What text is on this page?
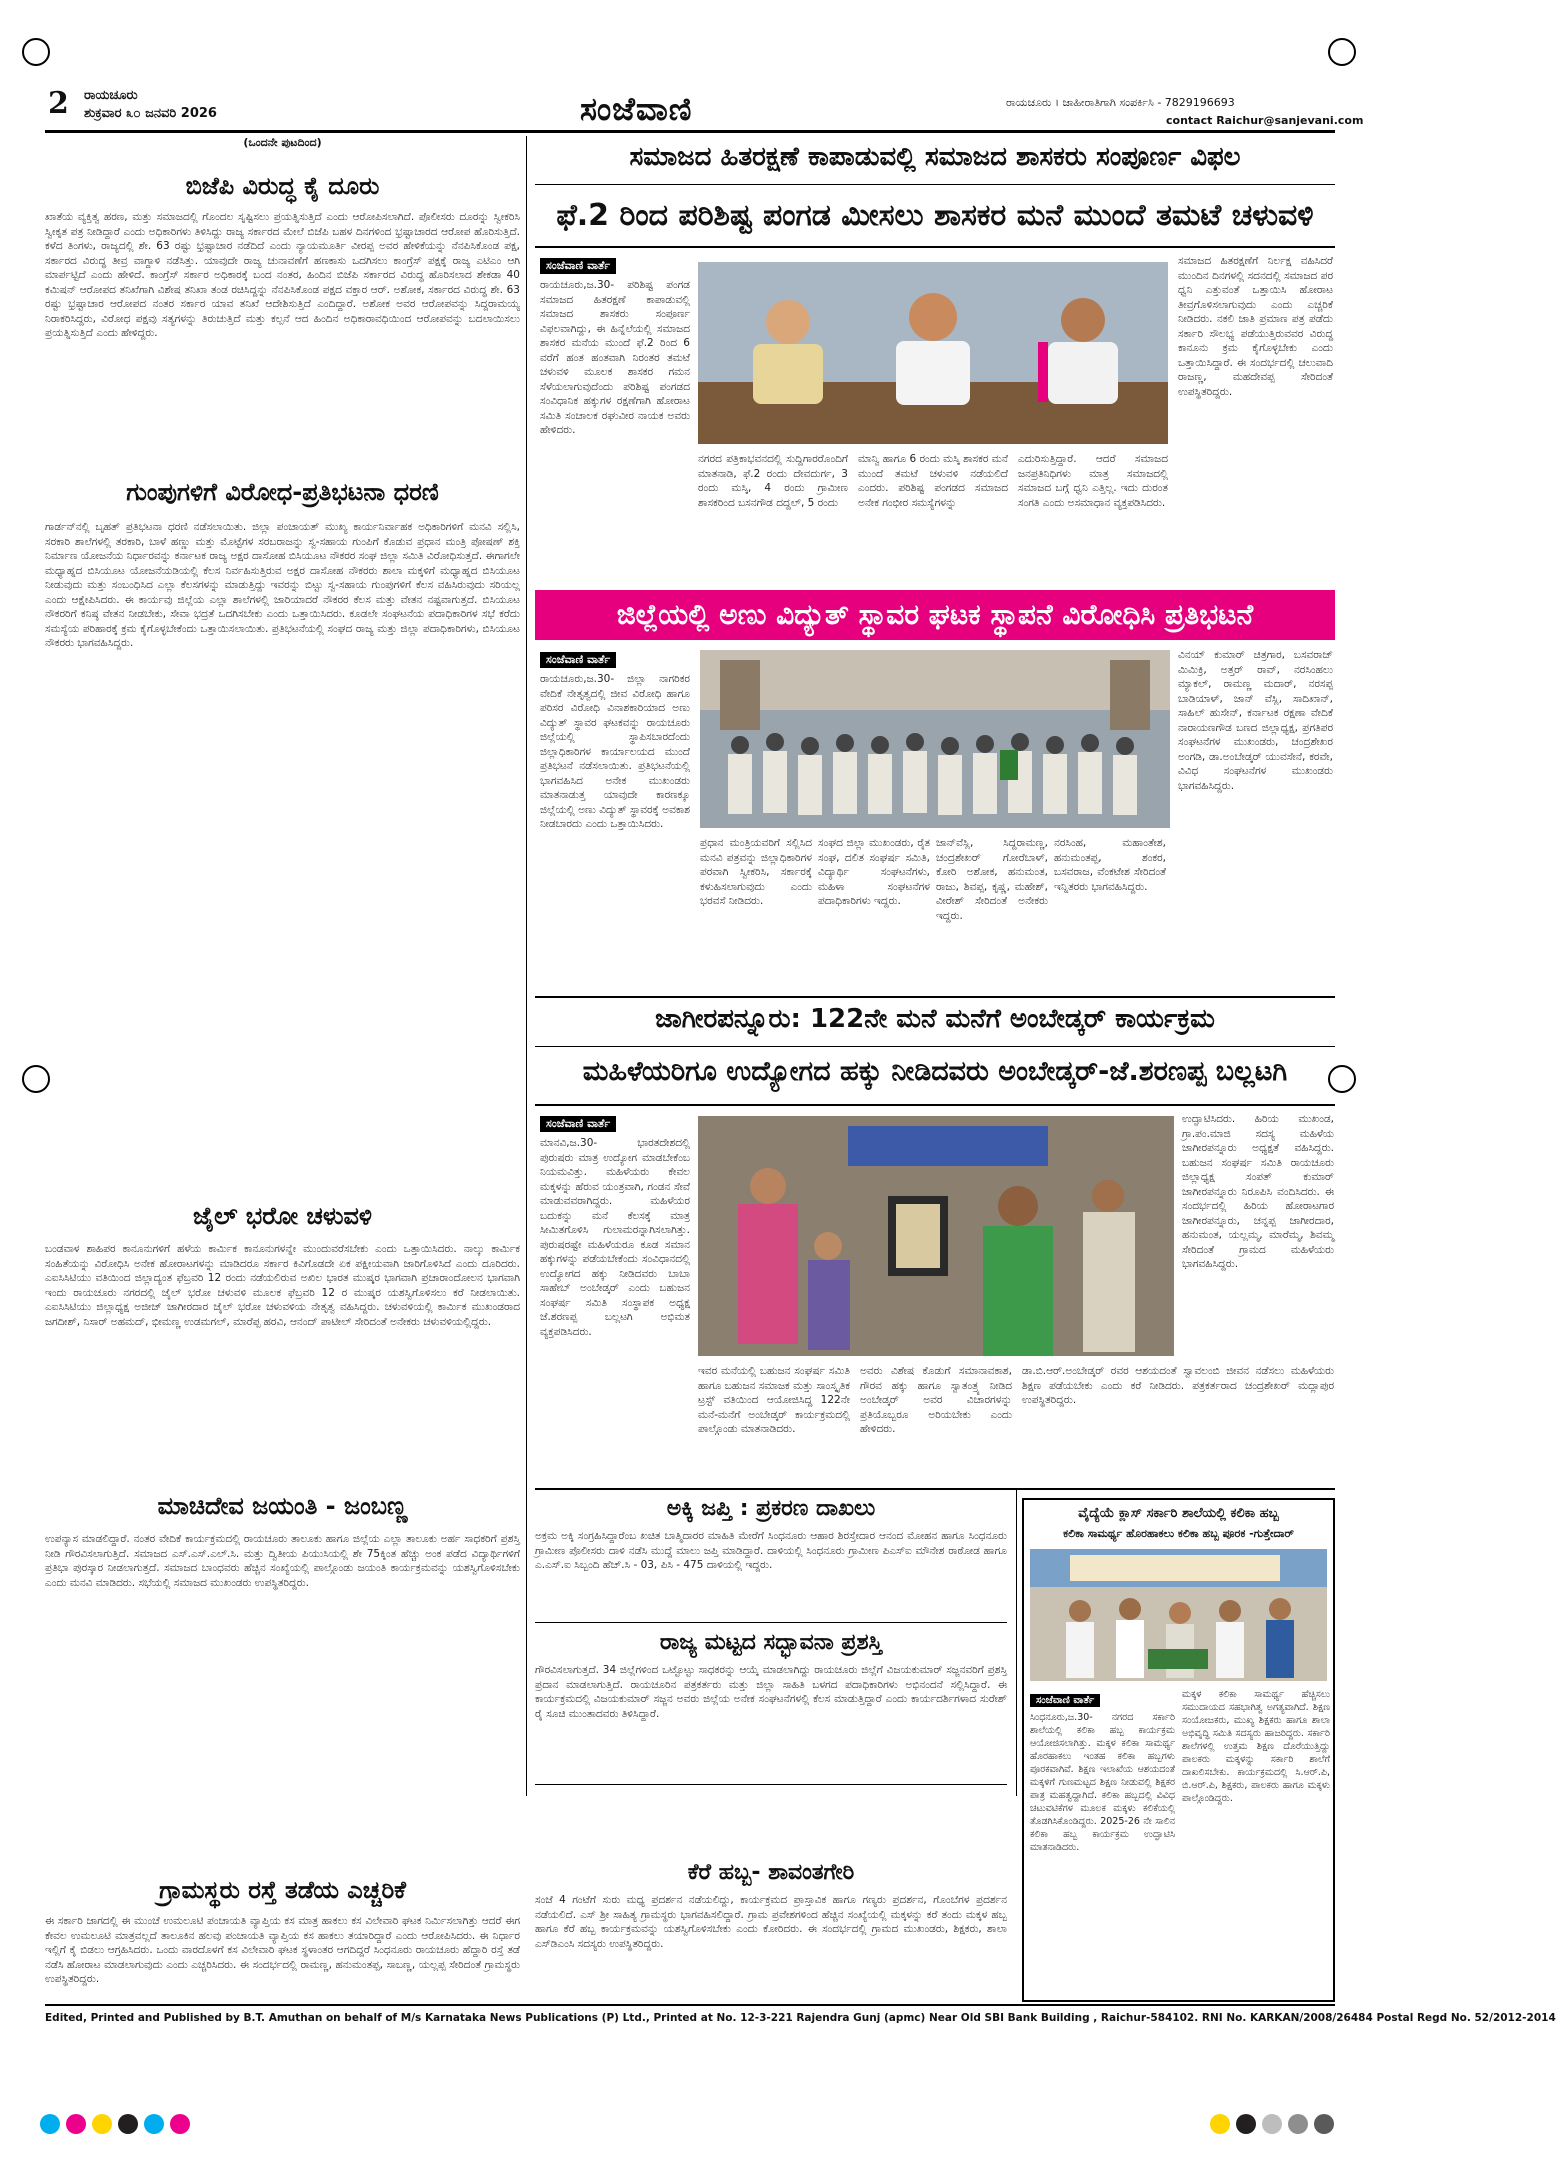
2 ರಾಯಚೂರು
ಶುಕ್ರವಾರ ೩೦ ಜನವರಿ 2026	ಸಂಜೆವಾಣಿ	ರಾಯಚೂರು । ಜಾಹೀರಾತಿಗಾಗಿ ಸಂಪರ್ಕಿಸಿ - 7829196693
contact Raichur@sanjevani.com
(ಒಂದನೇ ಪುಟದಿಂದ)
ಬಿಜೆಪಿ ವಿರುದ್ಧ ಕೈ ದೂರು
ಖಾತೆಯ ವ್ಯಕ್ತಿತ್ವ ಹರಣ, ಮತ್ತು ಸಮಾಜದಲ್ಲಿ ಗೊಂದಲ ಸೃಷ್ಟಿಸಲು ಪ್ರಯತ್ನಿಸುತ್ತಿದೆ ಎಂದು ಆರೋಪಿಸಲಾಗಿದೆ. ಪೊಲೀಸರು ದೂರನ್ನು ಸ್ವೀಕರಿಸಿ ಸ್ವೀಕೃತ ಪತ್ರ ನೀಡಿದ್ದಾರೆ ಎಂದು ಅಧಿಕಾರಿಗಳು ತಿಳಿಸಿದ್ದು ರಾಜ್ಯ ಸರ್ಕಾರದ ಮೇಲೆ ಬಿಜೆಪಿ ಬಹಳ ದಿನಗಳಿಂದ ಭ್ರಷ್ಟಾಚಾರದ ಆರೋಪ ಹೊರಿಸುತ್ತಿದೆ. ಕಳೆದ ತಿಂಗಳು, ರಾಜ್ಯದಲ್ಲಿ ಶೇ. 63 ರಷ್ಟು ಭ್ರಷ್ಟಾಚಾರ ನಡೆದಿದೆ ಎಂದು ನ್ಯಾಯಮೂರ್ತಿ ವೀರಪ್ಪ ಅವರ ಹೇಳಿಕೆಯನ್ನು ನೆನಪಿಸಿಕೊಂಡ ಪಕ್ಷ, ಸರ್ಕಾರದ ವಿರುದ್ಧ ತೀವ್ರ ವಾಗ್ದಾಳಿ ನಡೆಸಿತ್ತು. ಯಾವುದೇ ರಾಜ್ಯ ಚುನಾವಣೆಗೆ ಹಣಕಾಸು ಒದಗಿಸಲು ಕಾಂಗ್ರೆಸ್ ಪಕ್ಷಕ್ಕೆ ರಾಜ್ಯ ಎಟಿಎಂ ಆಗಿ ಮಾರ್ಪಟ್ಟಿದೆ ಎಂದು ಹೇಳಿದೆ. ಕಾಂಗ್ರೆಸ್ ಸರ್ಕಾರ ಅಧಿಕಾರಕ್ಕೆ ಬಂದ ನಂತರ, ಹಿಂದಿನ ಬಿಜೆಪಿ ಸರ್ಕಾರದ ವಿರುದ್ಧ ಹೊರಿಸಲಾದ ಶೇಕಡಾ 40 ಕಮಿಷನ್ ಆರೋಪದ ತನಿಖೆಗಾಗಿ ವಿಶೇಷ ತನಿಖಾ ತಂಡ ರಚಿಸಿದ್ದನ್ನು ನೆನಪಿಸಿಕೊಂಡ ಪಕ್ಷದ ವಕ್ತಾರ ಆರ್. ಅಶೋಕ, ಸರ್ಕಾರದ ವಿರುದ್ಧ ಶೇ. 63 ರಷ್ಟು ಭ್ರಷ್ಟಾಚಾರ ಆರೋಪದ ನಂತರ ಸರ್ಕಾರ ಯಾವ ತನಿಖೆ ಆದೇಶಿಸುತ್ತಿದೆ ಎಂದಿದ್ದಾರೆ. ಅಶೋಕ ಅವರ ಆರೋಪವನ್ನು ಸಿದ್ದರಾಮಯ್ಯ ನಿರಾಕರಿಸಿದ್ದರು, ವಿರೋಧ ಪಕ್ಷವು ಸತ್ಯಗಳನ್ನು ತಿರುಚುತ್ತಿದೆ ಮತ್ತು ಕಲ್ಪನೆ ಆದ ಹಿಂದಿನ ಅಧಿಕಾರಾವಧಿಯಿಂದ ಆರೋಪವನ್ನು ಬದಲಾಯಿಸಲು ಪ್ರಯತ್ನಿಸುತ್ತಿದೆ ಎಂದು ಹೇಳಿದ್ದರು.
ಗುಂಪುಗಳಿಗೆ ವಿರೋಧ-ಪ್ರತಿಭಟನಾ ಧರಣಿ
ಗಾರ್ಡನ್‌ನಲ್ಲಿ ಬೃಹತ್ ಪ್ರತಿಭಟನಾ ಧರಣಿ ನಡೆಸಲಾಯಿತು. ಜಿಲ್ಲಾ ಪಂಚಾಯತ್ ಮುಖ್ಯ ಕಾರ್ಯನಿರ್ವಾಹಕ ಅಧಿಕಾರಿಗಳಿಗೆ ಮನವಿ ಸಲ್ಲಿಸಿ, ಸರಕಾರಿ ಶಾಲೆಗಳಲ್ಲಿ ತರಕಾರಿ, ಬಾಳೆ ಹಣ್ಣು ಮತ್ತು ಮೊಟ್ಟೆಗಳ ಸರಬರಾಜನ್ನು ಸ್ವ-ಸಹಾಯ ಗುಂಪಿಗೆ ಕೊಡುವ ಪ್ರಧಾನ ಮಂತ್ರಿ ಪೋಷಣ್ ಶಕ್ತಿ ನಿರ್ಮಾಣ ಯೋಜನೆಯ ನಿರ್ಧಾರವನ್ನು ಕರ್ನಾಟಕ ರಾಜ್ಯ ಅಕ್ಷರ ದಾಸೋಹ ಬಿಸಿಯೂಟ ನೌಕರರ ಸಂಘ ಜಿಲ್ಲಾ ಸಮಿತಿ ವಿರೋಧಿಸುತ್ತದೆ. ಈಗಾಗಲೇ ಮಧ್ಯಾಹ್ನದ ಬಿಸಿಯೂಟ ಯೋಜನೆಯಡಿಯಲ್ಲಿ ಕೆಲಸ ನಿರ್ವಹಿಸುತ್ತಿರುವ ಅಕ್ಷರ ದಾಸೋಹ ನೌಕರರು ಶಾಲಾ ಮಕ್ಕಳಿಗೆ ಮಧ್ಯಾಹ್ನದ ಬಿಸಿಯೂಟ ನೀಡುವುದು ಮತ್ತು ಸಂಬಂಧಿಸಿದ ಎಲ್ಲಾ ಕೆಲಸಗಳನ್ನು ಮಾಡುತ್ತಿದ್ದು ಇವರನ್ನು ಬಿಟ್ಟು ಸ್ವ-ಸಹಾಯ ಗುಂಪುಗಳಿಗೆ ಕೆಲಸ ವಹಿಸಿರುವುದು ಸರಿಯಲ್ಲ ಎಂದು ಆಕ್ಷೇಪಿಸಿದರು. ಈ ಕಾರ್ಯವು ಜಿಲ್ಲೆಯ ಎಲ್ಲಾ ಶಾಲೆಗಳಲ್ಲಿ ಜಾರಿಯಾದರೆ ನೌಕರರ ಕೆಲಸ ಮತ್ತು ವೇತನ ನಷ್ಟವಾಗುತ್ತದೆ. ಬಿಸಿಯೂಟ ನೌಕರರಿಗೆ ಕನಿಷ್ಠ ವೇತನ ನೀಡಬೇಕು, ಸೇವಾ ಭದ್ರತೆ ಒದಗಿಸಬೇಕು ಎಂದು ಒತ್ತಾಯಿಸಿದರು. ಕೂಡಲೇ ಸಂಘಟನೆಯ ಪದಾಧಿಕಾರಿಗಳ ಸಭೆ ಕರೆದು ಸಮಸ್ಯೆಯ ಪರಿಹಾರಕ್ಕೆ ಕ್ರಮ ಕೈಗೊಳ್ಳಬೇಕೆಂದು ಒತ್ತಾಯಿಸಲಾಯಿತು. ಪ್ರತಿಭಟನೆಯಲ್ಲಿ ಸಂಘದ ರಾಜ್ಯ ಮತ್ತು ಜಿಲ್ಲಾ ಪದಾಧಿಕಾರಿಗಳು, ಬಿಸಿಯೂಟ ನೌಕರರು ಭಾಗವಹಿಸಿದ್ದರು.
ಜೈಲ್ ಭರೋ ಚಳುವಳಿ
ಬಂಡವಾಳ ಶಾಹಿಪರ ಕಾನೂನುಗಳಿಗೆ ಹಳೆಯ ಕಾರ್ಮಿಕ ಕಾನೂನುಗಳನ್ನೇ ಮುಂದುವರೆಸಬೇಕು ಎಂದು ಒತ್ತಾಯಿಸಿದರು. ನಾಲ್ಕು ಕಾರ್ಮಿಕ ಸಂಹಿತೆಯನ್ನು ವಿರೋಧಿಸಿ ಅನೇಕ ಹೋರಾಟಗಳನ್ನು ಮಾಡಿದರೂ ಸರ್ಕಾರ ಕಿವಿಗೊಡದೇ ಏಕ ಪಕ್ಷೀಯವಾಗಿ ಜಾರಿಗೊಳಿಸಿದೆ ಎಂದು ದೂರಿದರು. ಎಐಸಿಸಿಟಿಯು ವತಿಯಿಂದ ಜಿಲ್ಲಾದ್ಯಂತ ಫೆಬ್ರವರಿ 12 ರಂದು ನಡೆಯಲಿರುವ ಅಖಿಲ ಭಾರತ ಮುಷ್ಕರ ಭಾಗವಾಗಿ ಪ್ರಚಾರಾಂದೋಲನ ಭಾಗವಾಗಿ ಇಂದು ರಾಯಚೂರು ನಗರದಲ್ಲಿ ಜೈಲ್ ಭರೋ ಚಳುವಳಿ ಮೂಲಕ ಫೆಬ್ರವರಿ 12 ರ ಮುಷ್ಕರ ಯಶಸ್ವಿಗೊಳಿಸಲು ಕರೆ ನೀಡಲಾಯಿತು. ಎಐಸಿಸಿಟಿಯು ಜಿಲ್ಲಾಧ್ಯಕ್ಷ ಅಜೀಜ್ ಜಾಗೀರದಾರ ಜೈಲ್ ಭರೋ ಚಳುವಳಿಯ ನೇತೃತ್ವ ವಹಿಸಿದ್ದರು. ಚಳುವಳಿಯಲ್ಲಿ ಕಾರ್ಮಿಕ ಮುಖಂಡರಾದ ಜಗದೀಶ್, ನಿಸಾರ್ ಅಹಮದ್, ಭೀಮಣ್ಣ ಉಡಮಗಲ್, ಮಾರೆಪ್ಪ ಹರವಿ, ಆನಂದ್ ಪಾಟೀಲ್ ಸೇರಿದಂತೆ ಅನೇಕರು ಚಳುವಳಿಯಲ್ಲಿದ್ದರು.
ಮಾಚಿದೇವ ಜಯಂತಿ - ಜಂಬಣ್ಣ
ಉಪನ್ಯಾಸ ಮಾಡಲಿದ್ದಾರೆ. ನಂತರ ವೇದಿಕೆ ಕಾರ್ಯಕ್ರಮದಲ್ಲಿ ರಾಯಚೂರು ತಾಲೂಕು ಹಾಗೂ ಜಿಲ್ಲೆಯ ಎಲ್ಲಾ ತಾಲೂಕು ಅರ್ಹ ಸಾಧಕರಿಗೆ ಪ್ರಶಸ್ತಿ ನೀಡಿ ಗೌರವಿಸಲಾಗುತ್ತಿದೆ. ಸಮಾಜದ ಎಸ್.ಎಸ್.ಎಲ್.ಸಿ. ಮತ್ತು ದ್ವಿತೀಯ ಪಿಯುಸಿಯಲ್ಲಿ ಶೇ 75ಕ್ಕಿಂತ ಹೆಚ್ಚು ಅಂಕ ಪಡೆದ ವಿದ್ಯಾರ್ಥಿಗಳಿಗೆ ಪ್ರತಿಭಾ ಪುರಸ್ಕಾರ ನೀಡಲಾಗುತ್ತದೆ. ಸಮಾಜದ ಬಾಂಧವರು ಹೆಚ್ಚಿನ ಸಂಖ್ಯೆಯಲ್ಲಿ ಪಾಲ್ಗೊಂಡು ಜಯಂತಿ ಕಾರ್ಯಕ್ರಮವನ್ನು ಯಶಸ್ವಿಗೊಳಿಸಬೇಕು ಎಂದು ಮನವಿ ಮಾಡಿದರು. ಸಭೆಯಲ್ಲಿ ಸಮಾಜದ ಮುಖಂಡರು ಉಪಸ್ಥಿತರಿದ್ದರು.
ಗ್ರಾಮಸ್ಥರು ರಸ್ತೆ ತಡೆಯ ಎಚ್ಚರಿಕೆ
ಈ ಸರ್ಕಾರಿ ಜಾಗದಲ್ಲಿ ಈ ಮುಂಚೆ ಉಮಲೂಟಿ ಪಂಚಾಯತಿ ವ್ಯಾಪ್ತಿಯ ಕಸ ಮಾತ್ರ ಹಾಕಲು ಕಸ ವಿಲೇವಾರಿ ಘಟಕ ನಿರ್ಮಿಸಲಾಗಿತ್ತು ಆದರೆ ಈಗ ಕೇವಲ ಉಮಲೂಟಿ ಮಾತ್ರವಲ್ಲದೆ ತಾಲೂಕಿನ ಹಲವು ಪಂಚಾಯತಿ ವ್ಯಾಪ್ತಿಯ ಕಸ ಹಾಕಲು ತಯಾರಿದ್ದಾರೆ ಎಂದು ಆರೋಪಿಸಿದರು. ಈ ನಿರ್ಧಾರ ಇಲ್ಲಿಗೆ ಕೈ ಬಿಡಲು ಆಗ್ರಹಿಸಿದರು. ಒಂದು ವಾರದೊಳಗೆ ಕಸ ವಿಲೇವಾರಿ ಘಟಕ ಸ್ಥಳಾಂತರ ಆಗದಿದ್ದರೆ ಸಿಂಧನೂರು ರಾಯಚೂರು ಹೆದ್ದಾರಿ ರಸ್ತೆ ತಡೆ ನಡೆಸಿ ಹೋರಾಟ ಮಾಡಲಾಗುವುದು ಎಂದು ಎಚ್ಚರಿಸಿದರು. ಈ ಸಂದರ್ಭದಲ್ಲಿ ರಾಮಣ್ಣ, ಹನುಮಂತಪ್ಪ, ಸಾಬಣ್ಣ, ಯಲ್ಲಪ್ಪ ಸೇರಿದಂತೆ ಗ್ರಾಮಸ್ಥರು ಉಪಸ್ಥಿತರಿದ್ದರು.
ಸಮಾಜದ ಹಿತರಕ್ಷಣೆ ಕಾಪಾಡುವಲ್ಲಿ ಸಮಾಜದ ಶಾಸಕರು ಸಂಪೂರ್ಣ ವಿಫಲ
ಫೆ.2 ರಿಂದ ಪರಿಶಿಷ್ಟ ಪಂಗಡ ಮೀಸಲು ಶಾಸಕರ ಮನೆ ಮುಂದೆ ತಮಟೆ ಚಳುವಳಿ
ಸಂಜೆವಾಣಿ ವಾರ್ತೆ
ರಾಯಚೂರು,ಜ.30- ಪರಿಶಿಷ್ಟ ಪಂಗಡ ಸಮಾಜದ ಹಿತರಕ್ಷಣೆ ಕಾಪಾಡುವಲ್ಲಿ ಸಮಾಜದ ಶಾಸಕರು ಸಂಪೂರ್ಣ ವಿಫಲವಾಗಿದ್ದು, ಈ ಹಿನ್ನೆಲೆಯಲ್ಲಿ ಸಮಾಜದ ಶಾಸಕರ ಮನೆಯ ಮುಂದೆ ಫೆ.2 ರಿಂದ 6 ವರೆಗೆ ಹಂತ ಹಂತವಾಗಿ ನಿರಂತರ ತಮಟೆ ಚಳುವಳಿ ಮೂಲಕ ಶಾಸಕರ ಗಮನ ಸೆಳೆಯಲಾಗುವುದೆಂದು ಪರಿಶಿಷ್ಟ ಪಂಗಡದ ಸಂವಿಧಾನಿಕ ಹಕ್ಕುಗಳ ರಕ್ಷಣೆಗಾಗಿ ಹೋರಾಟ ಸಮಿತಿ ಸಂಚಾಲಕ ರಘುವೀರ ನಾಯಕ ಅವರು ಹೇಳಿದರು.
ಸಮಾಜದ ಹಿತರಕ್ಷಣೆಗೆ ನಿರ್ಲಕ್ಷ ವಹಿಸಿದರೆ ಮುಂದಿನ ದಿನಗಳಲ್ಲಿ ಸದನದಲ್ಲಿ ಸಮಾಜದ ಪರ ಧ್ವನಿ ಎತ್ತುವಂತೆ ಒತ್ತಾಯಿಸಿ ಹೋರಾಟ ತೀವ್ರಗೊಳಿಸಲಾಗುವುದು ಎಂದು ಎಚ್ಚರಿಕೆ ನೀಡಿದರು. ನಕಲಿ ಜಾತಿ ಪ್ರಮಾಣ ಪತ್ರ ಪಡೆದು ಸರ್ಕಾರಿ ಸೌಲಭ್ಯ ಪಡೆಯುತ್ತಿರುವವರ ವಿರುದ್ಧ ಕಾನೂನು ಕ್ರಮ ಕೈಗೊಳ್ಳಬೇಕು ಎಂದು ಒತ್ತಾಯಿಸಿದ್ದಾರೆ. ಈ ಸಂದರ್ಭದಲ್ಲಿ ಚಲುವಾದಿ ರಾಜಣ್ಣ, ಮಹದೇವಪ್ಪ ಸೇರಿದಂತೆ ಉಪಸ್ಥಿತರಿದ್ದರು.
ನಗರದ ಪತ್ರಿಕಾಭವನದಲ್ಲಿ ಸುದ್ದಿಗಾರರೊಂದಿಗೆ ಮಾತನಾಡಿ, ಫೆ.2 ರಂದು ದೇವದುರ್ಗ, 3 ರಂದು ಮಸ್ಕಿ, 4 ರಂದು ಗ್ರಾಮೀಣ ಶಾಸಕರಿಂದ ಬಸನಗೌಡ ದದ್ದಲ್, 5 ರಂದು
ಮಾನ್ವಿ ಹಾಗೂ 6 ರಂದು ಮಸ್ಕಿ ಶಾಸಕರ ಮನೆ ಮುಂದೆ ತಮಟೆ ಚಳುವಳಿ ನಡೆಯಲಿದೆ ಎಂದರು. ಪರಿಶಿಷ್ಟ ಪಂಗಡದ ಸಮಾಜದ ಅನೇಕ ಗಂಭೀರ ಸಮಸ್ಯೆಗಳನ್ನು
ಎದುರಿಸುತ್ತಿದ್ದಾರೆ. ಆದರೆ ಸಮಾಜದ ಜನಪ್ರತಿನಿಧಿಗಳು ಮಾತ್ರ ಸಮಾಜದಲ್ಲಿ ಸಮಾಜದ ಬಗ್ಗೆ ಧ್ವನಿ ಎತ್ತಿಲ್ಲ. ಇದು ದುರಂತ ಸಂಗತಿ ಎಂದು ಅಸಮಾಧಾನ ವ್ಯಕ್ತಪಡಿಸಿದರು.
ಜಿಲ್ಲೆಯಲ್ಲಿ ಅಣು ವಿದ್ಯುತ್ ಸ್ಥಾವರ ಘಟಕ ಸ್ಥಾಪನೆ ವಿರೋಧಿಸಿ ಪ್ರತಿಭಟನೆ
ಸಂಜೆವಾಣಿ ವಾರ್ತೆ
ರಾಯಚೂರು,ಜ.30- ಜಿಲ್ಲಾ ನಾಗರಿಕರ ವೇದಿಕೆ ನೇತೃತ್ವದಲ್ಲಿ ಜೀವ ವಿರೋಧಿ ಹಾಗೂ ಪರಿಸರ ವಿರೋಧಿ ವಿನಾಶಕಾರಿಯಾದ ಅಣು ವಿದ್ಯುತ್ ಸ್ಥಾವರ ಘಟಕವನ್ನು ರಾಯಚೂರು ಜಿಲ್ಲೆಯಲ್ಲಿ ಸ್ಥಾಪಿಸಬಾರದೆಂದು ಜಿಲ್ಲಾಧಿಕಾರಿಗಳ ಕಾರ್ಯಾಲಯದ ಮುಂದೆ ಪ್ರತಿಭಟನೆ ನಡೆಸಲಾಯಿತು. ಪ್ರತಿಭಟನೆಯಲ್ಲಿ ಭಾಗವಹಿಸಿದ ಅನೇಕ ಮುಖಂಡರು ಮಾತನಾಡುತ್ತ ಯಾವುದೇ ಕಾರಣಕ್ಕೂ ಜಿಲ್ಲೆಯಲ್ಲಿ ಅಣು ವಿದ್ಯುತ್ ಸ್ಥಾವರಕ್ಕೆ ಅವಕಾಶ ನೀಡಬಾರದು ಎಂದು ಒತ್ತಾಯಿಸಿದರು.
ವಿನಯ್ ಕುಮಾರ್ ಚಿತ್ರಗಾರ, ಬಸವರಾಜ್ ಮಿಮಿಕ್ರಿ, ಅತ್ತರ್ ರಾವ್, ನರಸಿಂಹಲು ಮ್ಯಾಕಲ್, ರಾಮಣ್ಣ ಮದಾರ್, ನರಸಪ್ಪ ಬಾಡಿಯಾಳ್, ಜಾನ್ ವೆಸ್ಲಿ, ಸಾದಿಖಾನ್, ಸಾಹಿಲ್ ಹುಸೇನ್, ಕರ್ನಾಟಕ ರಕ್ಷಣಾ ವೇದಿಕೆ ನಾರಾಯಣಗೌಡ ಬಣದ ಜಿಲ್ಲಾಧ್ಯಕ್ಷ, ಪ್ರಗತಿಪರ ಸಂಘಟನೆಗಳ ಮುಖಂಡರು, ಚಂದ್ರಶೇಖರ ಅಂಗಡಿ, ಡಾ.ಅಂಬೇಡ್ಕರ್ ಯುವಸೇನೆ, ಕರವೇ, ವಿವಿಧ ಸಂಘಟನೆಗಳ ಮುಖಂಡರು ಭಾಗವಹಿಸಿದ್ದರು.
ಪ್ರಧಾನ ಮಂತ್ರಿಯವರಿಗೆ ಸಲ್ಲಿಸಿದ ಮನವಿ ಪತ್ರವನ್ನು ಜಿಲ್ಲಾಧಿಕಾರಿಗಳ ಪರವಾಗಿ ಸ್ವೀಕರಿಸಿ, ಸರ್ಕಾರಕ್ಕೆ ಕಳುಹಿಸಲಾಗುವುದು ಎಂದು ಭರವಸೆ ನೀಡಿದರು.
ಸಂಘದ ಜಿಲ್ಲಾ ಮುಖಂಡರು, ರೈತ ಸಂಘ, ದಲಿತ ಸಂಘರ್ಷ ಸಮಿತಿ, ವಿದ್ಯಾರ್ಥಿ ಸಂಘಟನೆಗಳು, ಮಹಿಳಾ ಸಂಘಟನೆಗಳ ಪದಾಧಿಕಾರಿಗಳು ಇದ್ದರು.
ಜಾನ್‌ವೆಸ್ಲಿ, ಸಿದ್ದರಾಮಣ್ಣ, ಚಂದ್ರಶೇಖರ್ ಗೋರೆಬಾಳ್, ಕೋರಿ ಅಶೋಕ, ಹನುಮಂತ, ರಾಜು, ಶಿವಪ್ಪ, ಕೃಷ್ಣ, ಮಹೇಶ್, ವೀರೇಶ್ ಸೇರಿದಂತೆ ಅನೇಕರು ಇದ್ದರು.
ನರಸಿಂಹ, ಮಹಾಂತೇಶ, ಹನುಮಂತಪ್ಪ, ಶಂಕರ, ಬಸವರಾಜ, ವೆಂಕಟೇಶ ಸೇರಿದಂತೆ ಇನ್ನಿತರರು ಭಾಗವಹಿಸಿದ್ದರು.
ಜಾಗೀರಪನ್ನೂರು: 122ನೇ ಮನೆ ಮನೆಗೆ ಅಂಬೇಡ್ಕರ್ ಕಾರ್ಯಕ್ರಮ
ಮಹಿಳೆಯರಿಗೂ ಉದ್ಯೋಗದ ಹಕ್ಕು ನೀಡಿದವರು ಅಂಬೇಡ್ಕರ್-ಜೆ.ಶರಣಪ್ಪ ಬಲ್ಲಟಗಿ
ಸಂಜೆವಾಣಿ ವಾರ್ತೆ
ಮಾನವಿ,ಜ.30- ಭಾರತದೇಶದಲ್ಲಿ ಪುರುಷರು ಮಾತ್ರ ಉದ್ಯೋಗ ಮಾಡಬೇಕೆಂಬ ನಿಯಮವಿತ್ತು. ಮಹಿಳೆಯರು ಕೇವಲ ಮಕ್ಕಳನ್ನು ಹೆರುವ ಯಂತ್ರವಾಗಿ, ಗಂಡನ ಸೇವೆ ಮಾಡುವವರಾಗಿದ್ದರು. ಮಹಿಳೆಯರ ಬದುಕನ್ನು ಮನೆ ಕೆಲಸಕ್ಕೆ ಮಾತ್ರ ಸೀಮಿತಗೊಳಿಸಿ ಗುಲಾಮರನ್ನಾಗಿಸಲಾಗಿತ್ತು. ಪುರುಷರಷ್ಟೇ ಮಹಿಳೆಯರೂ ಕೂಡ ಸಮಾನ ಹಕ್ಕುಗಳನ್ನು ಪಡೆಯಬೇಕೆಂದು ಸಂವಿಧಾನದಲ್ಲಿ ಉದ್ಯೋಗದ ಹಕ್ಕು ನೀಡಿದವರು ಬಾಬಾ ಸಾಹೇಬ್ ಅಂಬೇಡ್ಕರ್ ಎಂದು ಬಹುಜನ ಸಂಘರ್ಷ ಸಮಿತಿ ಸಂಸ್ಥಾಪಕ ಅಧ್ಯಕ್ಷ ಜೆ.ಶರಣಪ್ಪ ಬಲ್ಲಟಗಿ ಅಭಿಮತ ವ್ಯಕ್ತಪಡಿಸಿದರು.
ಉದ್ಘಾಟಿಸಿದರು. ಹಿರಿಯ ಮುಖಂಡ, ಗ್ರಾ.ಪಂ.ಮಾಜಿ ಸದಸ್ಯ ಮಹಿಳೆಯ ಜಾಗೀರಪನ್ನೂರು ಅಧ್ಯಕ್ಷತೆ ವಹಿಸಿದ್ದರು. ಬಹುಜನ ಸಂಘರ್ಷ ಸಮಿತಿ ರಾಯಚೂರು ಜಿಲ್ಲಾಧ್ಯಕ್ಷ ಸಂಪತ್ ಕುಮಾರ್ ಜಾಗೀರಪನ್ನೂರು ನಿರೂಪಿಸಿ ವಂದಿಸಿದರು. ಈ ಸಂದರ್ಭದಲ್ಲಿ ಹಿರಿಯ ಹೋರಾಟಗಾರ ಜಾಗೀರಪನ್ನೂರು, ಚನ್ನಪ್ಪ ಜಾಗೀರದಾರ, ಹನುಮಂತ, ಯಲ್ಲಮ್ಮ, ಮಾರೆಮ್ಮ, ಶಿವಮ್ಮ ಸೇರಿದಂತೆ ಗ್ರಾಮದ ಮಹಿಳೆಯರು ಭಾಗವಹಿಸಿದ್ದರು.
ಇವರ ಮನೆಯಲ್ಲಿ ಬಹುಜನ ಸಂಘರ್ಷ ಸಮಿತಿ ಹಾಗೂ ಬಹುಜನ ಸಮಾಜಕ ಮತ್ತು ಸಾಂಸ್ಕೃತಿಕ ಟ್ರಸ್ಟ್ ವತಿಯಿಂದ ಆಯೋಜಿಸಿದ್ದ 122ನೇ ಮನೆ-ಮನೆಗೆ ಅಂಬೇಡ್ಕರ್ ಕಾರ್ಯಕ್ರಮದಲ್ಲಿ ಪಾಲ್ಗೊಂಡು ಮಾತನಾಡಿದರು.
ಅವರು ವಿಶೇಷ ಕೊಡುಗೆ ಸಮಾನಾವಕಾಶ, ಗೌರವ ಹಕ್ಕು ಹಾಗೂ ಸ್ವಾತಂತ್ರ್ಯ ನೀಡಿದ ಅಂಬೇಡ್ಕರ್ ಅವರ ವಿಚಾರಗಳನ್ನು ಪ್ರತಿಯೊಬ್ಬರೂ ಅರಿಯಬೇಕು ಎಂದು ಹೇಳಿದರು.
ಡಾ.ಬಿ.ಆರ್.ಅಂಬೇಡ್ಕರ್ ರವರ ಆಶಯದಂತೆ ಸ್ವಾವಲಂಬಿ ಜೀವನ ನಡೆಸಲು ಮಹಿಳೆಯರು ಶಿಕ್ಷಣ ಪಡೆಯಬೇಕು ಎಂದು ಕರೆ ನೀಡಿದರು. ಪತ್ರಕರ್ತರಾದ ಚಂದ್ರಶೇಖರ್ ಮದ್ಲಾಪುರ ಉಪಸ್ಥಿತರಿದ್ದರು.
ಅಕ್ಕಿ ಜಪ್ತಿ : ಪ್ರಕರಣ ದಾಖಲು
ಅಕ್ರಮ ಅಕ್ಕಿ ಸಂಗ್ರಹಿಸಿದ್ದಾರೆಂಬ ಖಚಿತ ಬಾತ್ಮಿದಾರರ ಮಾಹಿತಿ ಮೇರೆಗೆ ಸಿಂಧನೂರು ಆಹಾರ ಶಿರಸ್ತೇದಾರ ಆನಂದ ಮೋಹನ ಹಾಗೂ ಸಿಂಧನೂರು ಗ್ರಾಮೀಣ ಪೊಲೀಸರು ದಾಳಿ ನಡೆಸಿ ಮುದ್ದೆ ಮಾಲು ಜಪ್ತಿ ಮಾಡಿದ್ದಾರೆ. ದಾಳಿಯಲ್ಲಿ ಸಿಂಧನೂರು ಗ್ರಾಮೀಣ ಪಿಎಸ್‌ಐ ಮೌನೇಶ ರಾಠೋಡ ಹಾಗೂ ಎ.ಎಸ್.ಐ ಸಿಬ್ಬಂದಿ ಹೆಚ್‌.ಸಿ - 03, ಪಿಸಿ - 475 ದಾಳಿಯಲ್ಲಿ ಇದ್ದರು.
ರಾಜ್ಯ ಮಟ್ಟದ ಸದ್ಭಾವನಾ ಪ್ರಶಸ್ತಿ
ಗೌರವಿಸಲಾಗುತ್ತದೆ. 34 ಜಿಲ್ಲೆಗಳಿಂದ ಒಟ್ಟೊಟ್ಟು ಸಾಧಕರನ್ನು ಆಯ್ಕೆ ಮಾಡಲಾಗಿದ್ದು ರಾಯಚೂರು ಜಿಲ್ಲೆಗೆ ವಿಜಯಕುಮಾರ್ ಸಜ್ಜನವರಿಗೆ ಪ್ರಶಸ್ತಿ ಪ್ರದಾನ ಮಾಡಲಾಗುತ್ತಿದೆ. ರಾಯಚೂರಿನ ಪತ್ರಕರ್ತರು ಮತ್ತು ಜಿಲ್ಲಾ ಸಾಹಿತಿ ಬಳಗದ ಪದಾಧಿಕಾರಿಗಳು ಅಭಿನಂದನೆ ಸಲ್ಲಿಸಿದ್ದಾರೆ. ಈ ಕಾರ್ಯಕ್ರಮದಲ್ಲಿ ವಿಜಯಕುಮಾರ್ ಸಜ್ಜನ ಅವರು ಜಿಲ್ಲೆಯ ಅನೇಕ ಸಂಘಟನೆಗಳಲ್ಲಿ ಕೆಲಸ ಮಾಡುತ್ತಿದ್ದಾರೆ ಎಂದು ಕಾರ್ಯದರ್ಶಿಗಳಾದ ಸುರೇಶ್ ರೈ ಸೂಚಿ ಮುಂತಾದವರು ತಿಳಿಸಿದ್ದಾರೆ.
ಕೆರೆ ಹಬ್ಬ- ಶಾವಂತಗೇರಿ
ಸಂಜೆ 4 ಗಂಟೆಗೆ ಸುರು ಮಧ್ಯ ಪ್ರದರ್ಶನ ನಡೆಯಲಿದ್ದು, ಕಾರ್ಯಕ್ರಮದ ಪ್ರಾಸ್ತಾವಿಕ ಹಾಗೂ ಗಣ್ಯರು ಪ್ರದರ್ಶನ, ಗೊಂಬೆಗಳ ಪ್ರದರ್ಶನ ನಡೆಯಲಿದೆ. ಎಸ್ ಶ್ರೀ ಸಾಹಿತ್ಯ ಗ್ರಾಮಸ್ಥರು ಭಾಗವಹಿಸಲಿದ್ದಾರೆ. ಗ್ರಾಮ ಪ್ರವೇಶಗಳಿಂದ ಹೆಚ್ಚಿನ ಸಂಖ್ಯೆಯಲ್ಲಿ ಮಕ್ಕಳನ್ನು ಕರೆ ತಂದು ಮಕ್ಕಳ ಹಬ್ಬ ಹಾಗೂ ಕೆರೆ ಹಬ್ಬ ಕಾರ್ಯಕ್ರಮವನ್ನು ಯಶಸ್ವಿಗೊಳಿಸಬೇಕು ಎಂದು ಕೋರಿದರು. ಈ ಸಂದರ್ಭದಲ್ಲಿ ಗ್ರಾಮದ ಮುಖಂಡರು, ಶಿಕ್ಷಕರು, ಶಾಲಾ ಎಸ್‌ಡಿಎಂಸಿ ಸದಸ್ಯರು ಉಪಸ್ಥಿತರಿದ್ದರು.
ವೈದ್ಯೆಯೆ ಕ್ಲಾಸ್ ಸರ್ಕಾರಿ ಶಾಲೆಯಲ್ಲಿ ಕಲಿಕಾ ಹಬ್ಬ
ಕಲಿಕಾ ಸಾಮರ್ಥ್ಯ ಹೊರಹಾಕಲು ಕಲಿಕಾ ಹಬ್ಬ ಪೂರಕ -ಗುತ್ತೇದಾರ್
ಸಂಜೆವಾಣಿ ವಾರ್ತೆ
ಸಿಂಧನೂರು,ಜ.30- ನಗರದ ಸರ್ಕಾರಿ ಶಾಲೆಯಲ್ಲಿ ಕಲಿಕಾ ಹಬ್ಬ ಕಾರ್ಯಕ್ರಮ ಆಯೋಜಿಸಲಾಗಿತ್ತು. ಮಕ್ಕಳ ಕಲಿಕಾ ಸಾಮರ್ಥ್ಯ ಹೊರಹಾಕಲು ಇಂತಹ ಕಲಿಕಾ ಹಬ್ಬಗಳು ಪೂರಕವಾಗಿವೆ. ಶಿಕ್ಷಣ ಇಲಾಖೆಯ ಆಶಯದಂತೆ ಮಕ್ಕಳಿಗೆ ಗುಣಮಟ್ಟದ ಶಿಕ್ಷಣ ನೀಡುವಲ್ಲಿ ಶಿಕ್ಷಕರ ಪಾತ್ರ ಮಹತ್ವದ್ದಾಗಿದೆ. ಕಲಿಕಾ ಹಬ್ಬದಲ್ಲಿ ವಿವಿಧ ಚಟುವಟಿಕೆಗಳ ಮೂಲಕ ಮಕ್ಕಳು ಕಲಿಕೆಯಲ್ಲಿ ತೊಡಗಿಸಿಕೊಂಡಿದ್ದರು. 2025-26 ನೇ ಸಾಲಿನ ಕಲಿಕಾ ಹಬ್ಬ ಕಾರ್ಯಕ್ರಮ ಉದ್ಘಾಟಿಸಿ ಮಾತನಾಡಿದರು.
ಮಕ್ಕಳ ಕಲಿಕಾ ಸಾಮರ್ಥ್ಯ ಹೆಚ್ಚಿಸಲು ಸಮುದಾಯದ ಸಹಭಾಗಿತ್ವ ಅಗತ್ಯವಾಗಿದೆ. ಶಿಕ್ಷಣ ಸಂಯೋಜಕರು, ಮುಖ್ಯ ಶಿಕ್ಷಕರು ಹಾಗೂ ಶಾಲಾ ಅಭಿವೃದ್ಧಿ ಸಮಿತಿ ಸದಸ್ಯರು ಹಾಜರಿದ್ದರು. ಸರ್ಕಾರಿ ಶಾಲೆಗಳಲ್ಲಿ ಉತ್ತಮ ಶಿಕ್ಷಣ ದೊರೆಯುತ್ತಿದ್ದು ಪಾಲಕರು ಮಕ್ಕಳನ್ನು ಸರ್ಕಾರಿ ಶಾಲೆಗೆ ದಾಖಲಿಸಬೇಕು. ಕಾರ್ಯಕ್ರಮದಲ್ಲಿ ಸಿ.ಆರ್.ಪಿ, ಬಿ.ಆರ್.ಪಿ, ಶಿಕ್ಷಕರು, ಪಾಲಕರು ಹಾಗೂ ಮಕ್ಕಳು ಪಾಲ್ಗೊಂಡಿದ್ದರು.
Edited, Printed and Published by B.T. Amuthan on behalf of M/s Karnataka News Publications (P) Ltd., Printed at No. 12-3-221 Rajendra Gunj (apmc) Near Old SBI Bank Building , Raichur-584102. RNI No. KARKAN/2008/26484 Postal Regd No. 52/2012-2014
